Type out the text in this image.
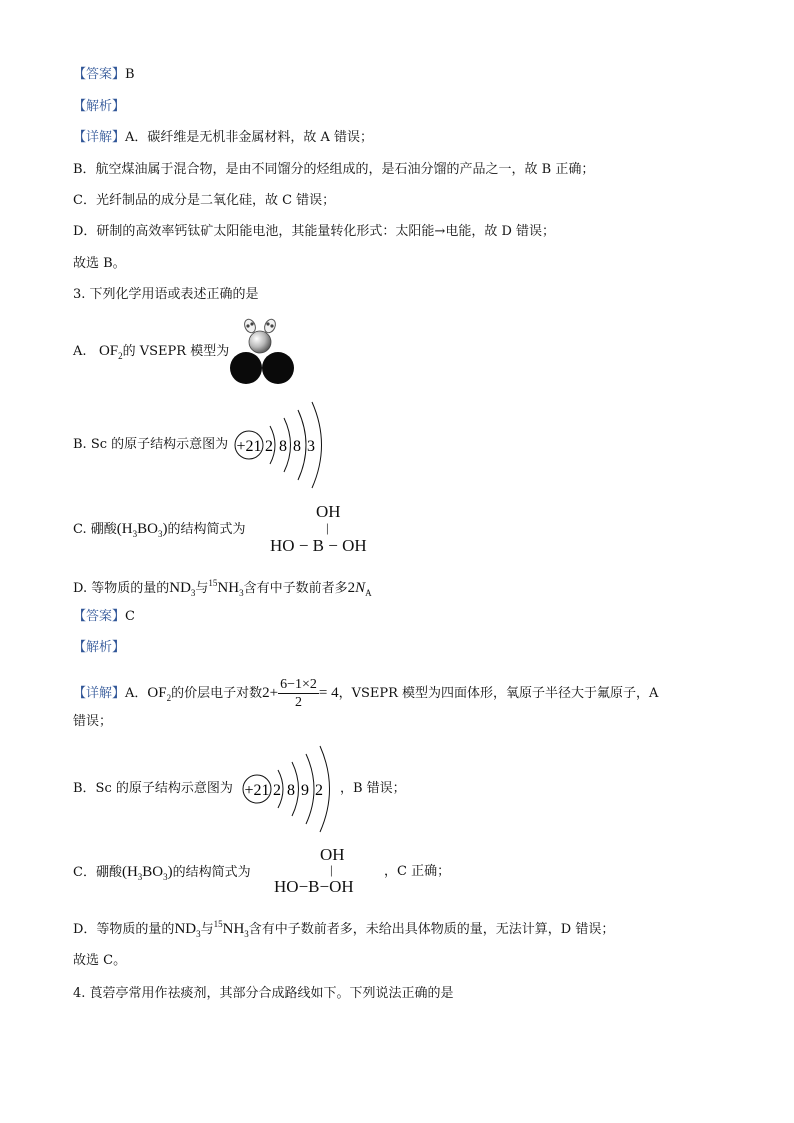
【答案】B
【解析】
【详解】A．碳纤维是无机非金属材料，故 A 错误；
B．航空煤油属于混合物，是由不同馏分的烃组成的，是石油分馏的产品之一，故 B 正确；
C．光纤制品的成分是二氧化硅，故 C 错误；
D．研制的高效率钙钛矿太阳能电池，其能量转化形式：太阳能→电能，故 D 错误；
故选 B。
3. 下列化学用语或表述正确的是
A. $OF_2$的 VSEPR 模型为
B. Sc 的原子结构示意图为 +21 2 8 8 3
C. 硼酸$(H_3BO_3)$的结构简式为
OH
|
HO − B − OH
D. 等物质的量的$ND_3$与$^{15}NH_3$含有中子数前者多$2N_A$
【答案】C
【解析】
【详解】A．$OF_2$的价层电子对数$2+ \frac{6-1\times 2}{2} = 4$，VSEPR 模型为四面体形，氧原子半径大于氟原子，A
错误；
B．Sc 的原子结构示意图为	，B 错误；
+21 2 8 9 2
C．硼酸$(H_3BO_3)$的结构简式为
OH
|
HO−B−OH
，C 正确；
D．等物质的量的$ND_3$与$^{15}NH_3$含有中子数前者多，未给出具体物质的量，无法计算，D 错误；
故选 C。
4. 莨菪亭常用作祛痰剂，其部分合成路线如下。下列说法正确的是
